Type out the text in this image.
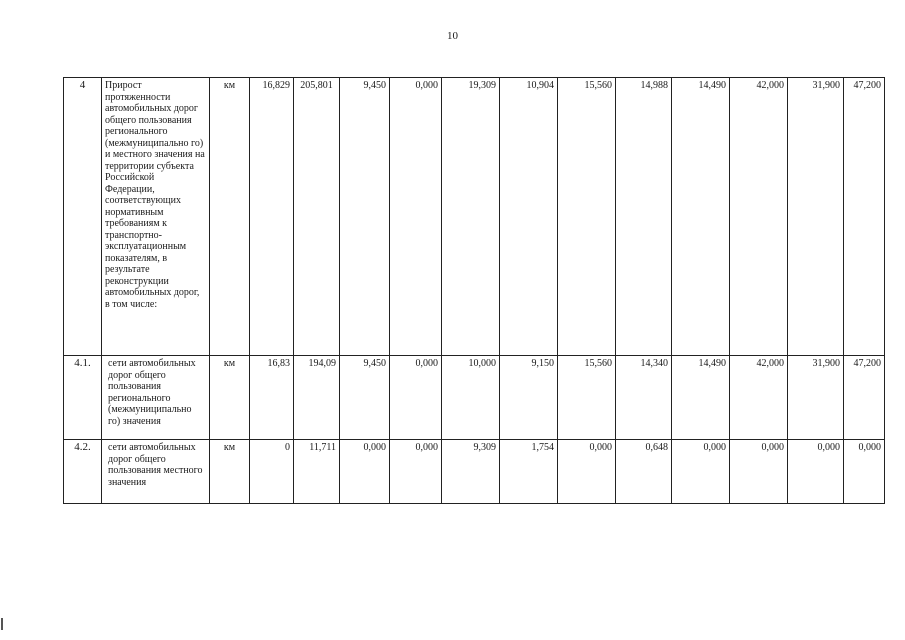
10
4	Прирост протяженности автомобильных дорог общего пользования регионального (межмуниципально го) и местного значения на территории субъекта Российской Федерации, соответствующих нормативным требованиям к транспортно-эксплуатационным показателям, в результате реконструкции автомобильных дорог, в том числе:	км	16,829	205,801	9,450	0,000	19,309	10,904	15,560	14,988	14,490	42,000	31,900	47,200
4.1.	сети автомобильных дорог общего пользования регионального (межмуниципально го) значения	км	16,83	194,09	9,450	0,000	10,000	9,150	15,560	14,340	14,490	42,000	31,900	47,200
4.2.	сети автомобильных дорог общего пользования местного значения	км	0	11,711	0,000	0,000	9,309	1,754	0,000	0,648	0,000	0,000	0,000	0,000
